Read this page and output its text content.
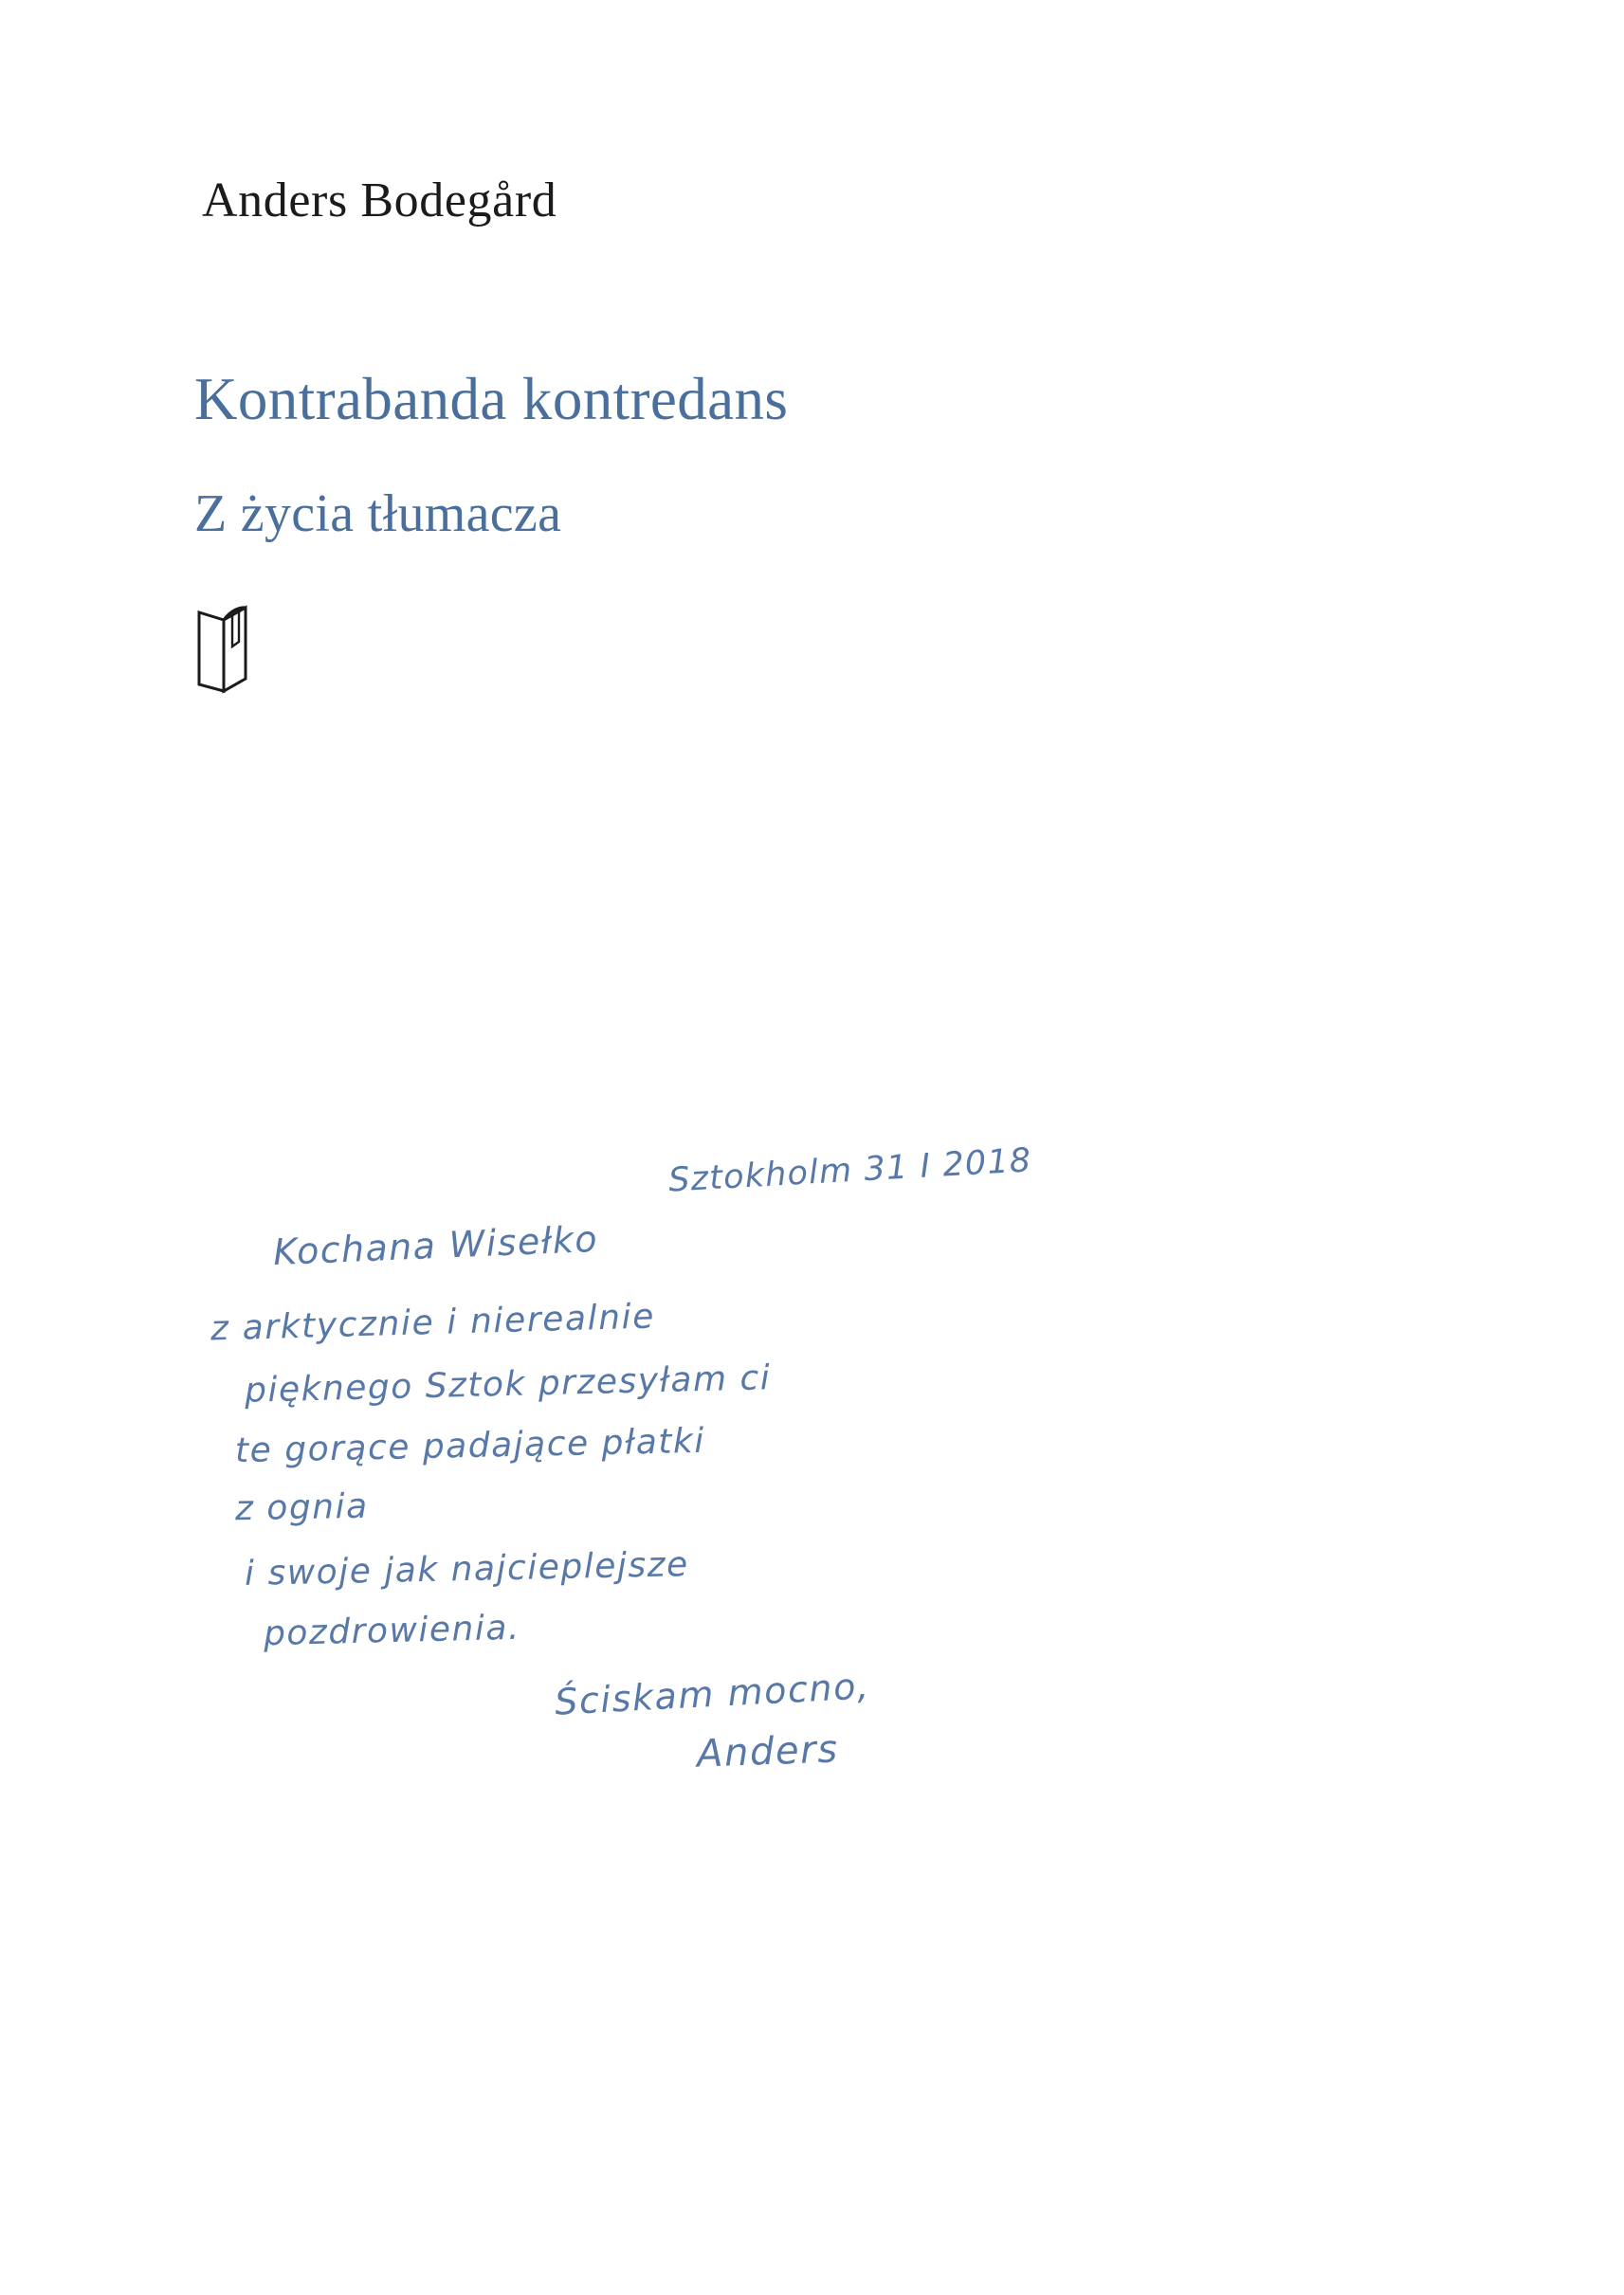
Anders Bodegård
Kontrabanda kontredans
Z życia tłumacza
Sztokholm 31 I 2018
Kochana Wisełko
z arktycznie i nierealnie
pięknego Sztok przesyłam ci
te gorące padające płatki
z ognia
i swoje jak najcieplejsze
pozdrowienia.
Ściskam mocno,
Anders
